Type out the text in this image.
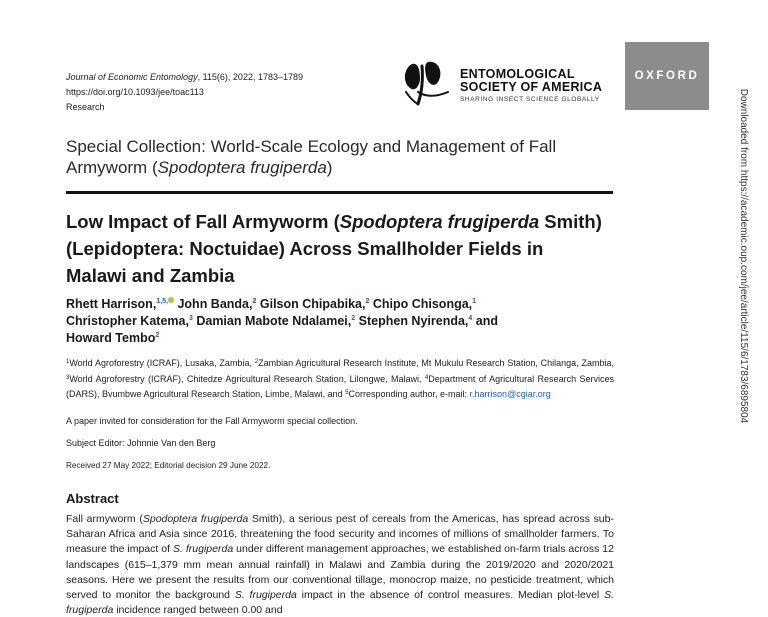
Journal of Economic Entomology, 115(6), 2022, 1783–1789
https://doi.org/10.1093/jee/toac113
Research
ENTOMOLOGICAL
SOCIETY OF AMERICA
SHARING INSECT SCIENCE GLOBALLY
OXFORD
Special Collection: World-Scale Ecology and Management of Fall Armyworm (Spodoptera frugiperda)
Low Impact of Fall Armyworm (Spodoptera frugiperda Smith) (Lepidoptera: Noctuidae) Across Smallholder Fields in Malawi and Zambia
Rhett Harrison,$^{1,5,}$ John Banda,$^2$ Gilson Chipabika,$^2$ Chipo Chisonga,$^1$
Christopher Katema,$^3$ Damian Mabote Ndalamei,$^2$ Stephen Nyirenda,$^4$ and
Howard Tembo$^2$
$^1$World Agroforestry (ICRAF), Lusaka, Zambia, $^2$Zambian Agricultural Research Institute, Mt Mukulu Research Station, Chilanga, Zambia, $^3$World Agroforestry (ICRAF), Chitedze Agricultural Research Station, Lilongwe, Malawi, $^4$Department of Agricultural Research Services (DARS), Bvumbwe Agricultural Research Station, Limbe, Malawi, and $^5$Corresponding author, e-mail: r.harrison@cgiar.org
A paper invited for consideration for the Fall Armyworm special collection.
Subject Editor: Johnnie Van den Berg
Received 27 May 2022; Editorial decision 29 June 2022.
Abstract
Fall armyworm (Spodoptera frugiperda Smith), a serious pest of cereals from the Americas, has spread across sub-Saharan Africa and Asia since 2016, threatening the food security and incomes of millions of smallholder farmers. To measure the impact of S. frugiperda under different management approaches, we established on-farm trials across 12 landscapes (615–1,379 mm mean annual rainfall) in Malawi and Zambia during the 2019/2020 and 2020/2021 seasons. Here we present the results from our conventional tillage, monocrop maize, no pesticide treatment, which served to monitor the background S. frugiperda impact in the absence of control measures. Median plot-level S. frugiperda incidence ranged between 0.00 and
Downloaded from https://academic.oup.com/jee/article/115/6/1783/6895804
